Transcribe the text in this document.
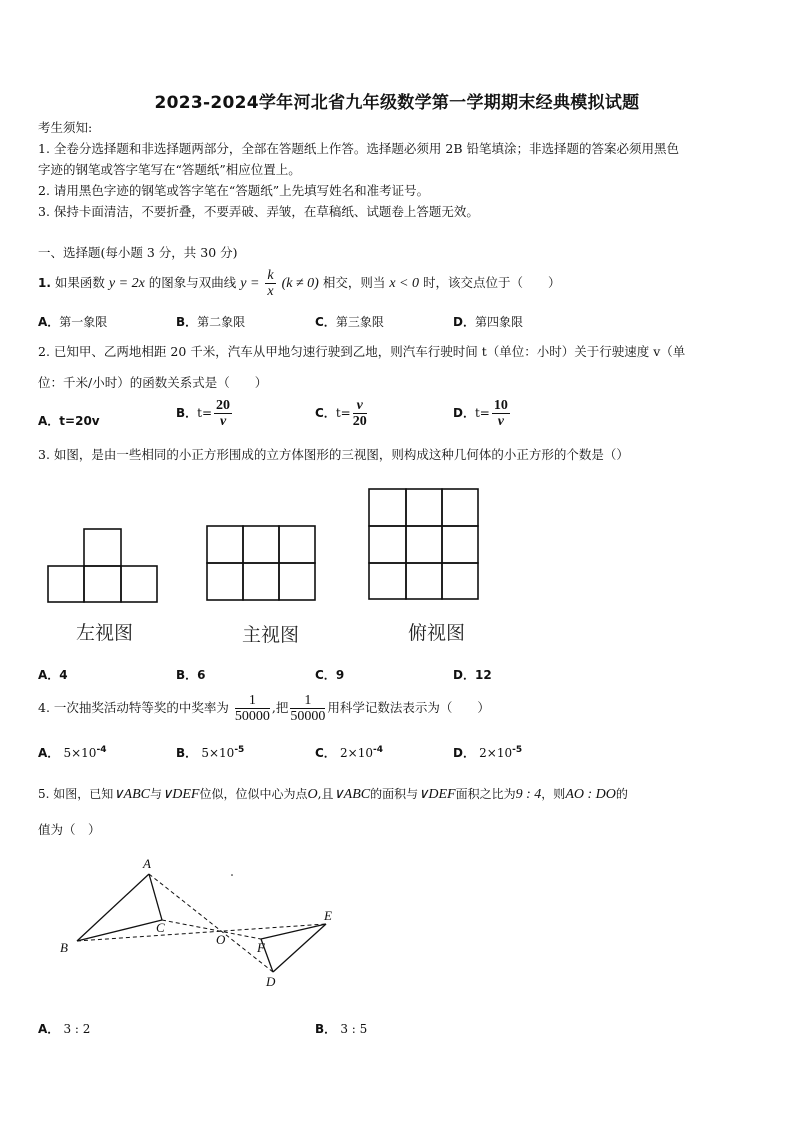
2023-2024学年河北省九年级数学第一学期期末经典模拟试题
考生须知:
1. 全卷分选择题和非选择题两部分，全部在答题纸上作答。选择题必须用 2B 铅笔填涂；非选择题的答案必须用黑色
字迹的钢笔或答字笔写在“答题纸”相应位置上。
2. 请用黑色字迹的钢笔或答字笔在“答题纸”上先填写姓名和准考证号。
3. 保持卡面清洁，不要折叠，不要弄破、弄皱，在草稿纸、试题卷上答题无效。
一、选择题(每小题 3 分，共 30 分)
1. 如果函数 y = 2x 的图象与双曲线 $y = \frac{k}{x} (k \ne 0)$ 相交，则当 x < 0 时，该交点位于（　　）
A．第一象限	B．第二象限	C．第三象限	D．第四象限
2. 已知甲、乙两地相距 20 千米，汽车从甲地匀速行驶到乙地，则汽车行驶时间 t（单位：小时）关于行驶速度 v（单
位：千米/小时）的函数关系式是（　　）
A．t=20v
B．$t= \frac{20}{v}$	C．$t= \frac{v}{20}$	D．$t= \frac{10}{v}$
3. 如图，是由一些相同的小正方形围成的立方体图形的三视图，则构成这种几何体的小正方形的个数是（）
左视图	主视图	俯视图
A．4	B．6	C．9	D．12
4. 一次抽奖活动特等奖的中奖率为 $\frac{1}{50000}$ ,把 $\frac{1}{50000}$ 用科学记数法表示为（　　）
A． $5\times 10^{-4}$	B． $5\times 10^{-5}$	C． $2\times 10^{-4}$	D． $2\times 10^{-5}$
5. 如图，已知∨ABC与∨DEF位似，位似中心为点O,且∨ABC的面积与∨DEF面积之比为9 : 4，则AO : DO的
值为（　）
A
B
C
O
E
F
D
A． 3 : 2	B． 3 : 5
